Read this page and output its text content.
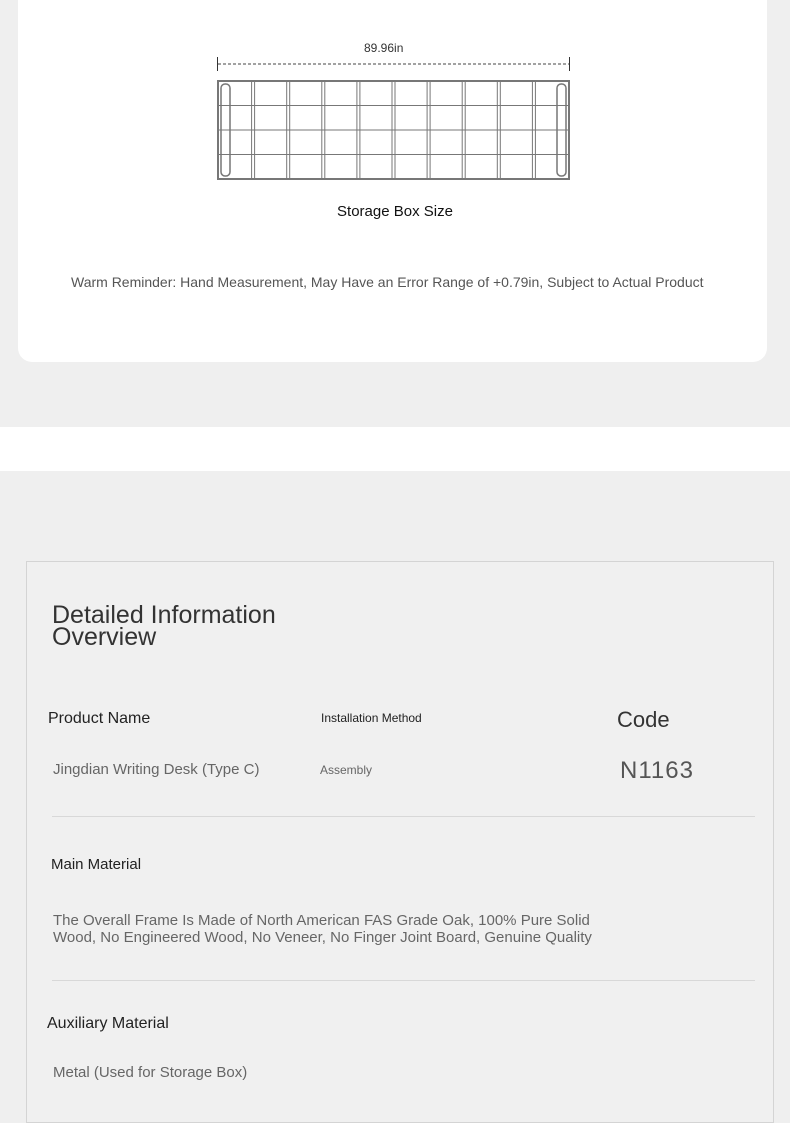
89.96in
Storage Box Size
Warm Reminder: Hand Measurement, May Have an Error Range of +0.79in, Subject to Actual Product
Detailed Information Overview
Product Name
Jingdian Writing Desk (Type C)
Installation Method
Assembly
Code
N1163
Main Material
The Overall Frame Is Made of North American FAS Grade Oak, 100% Pure Solid Wood, No Engineered Wood, No Veneer, No Finger Joint Board, Genuine Quality
Auxiliary Material
Metal (Used for Storage Box)
